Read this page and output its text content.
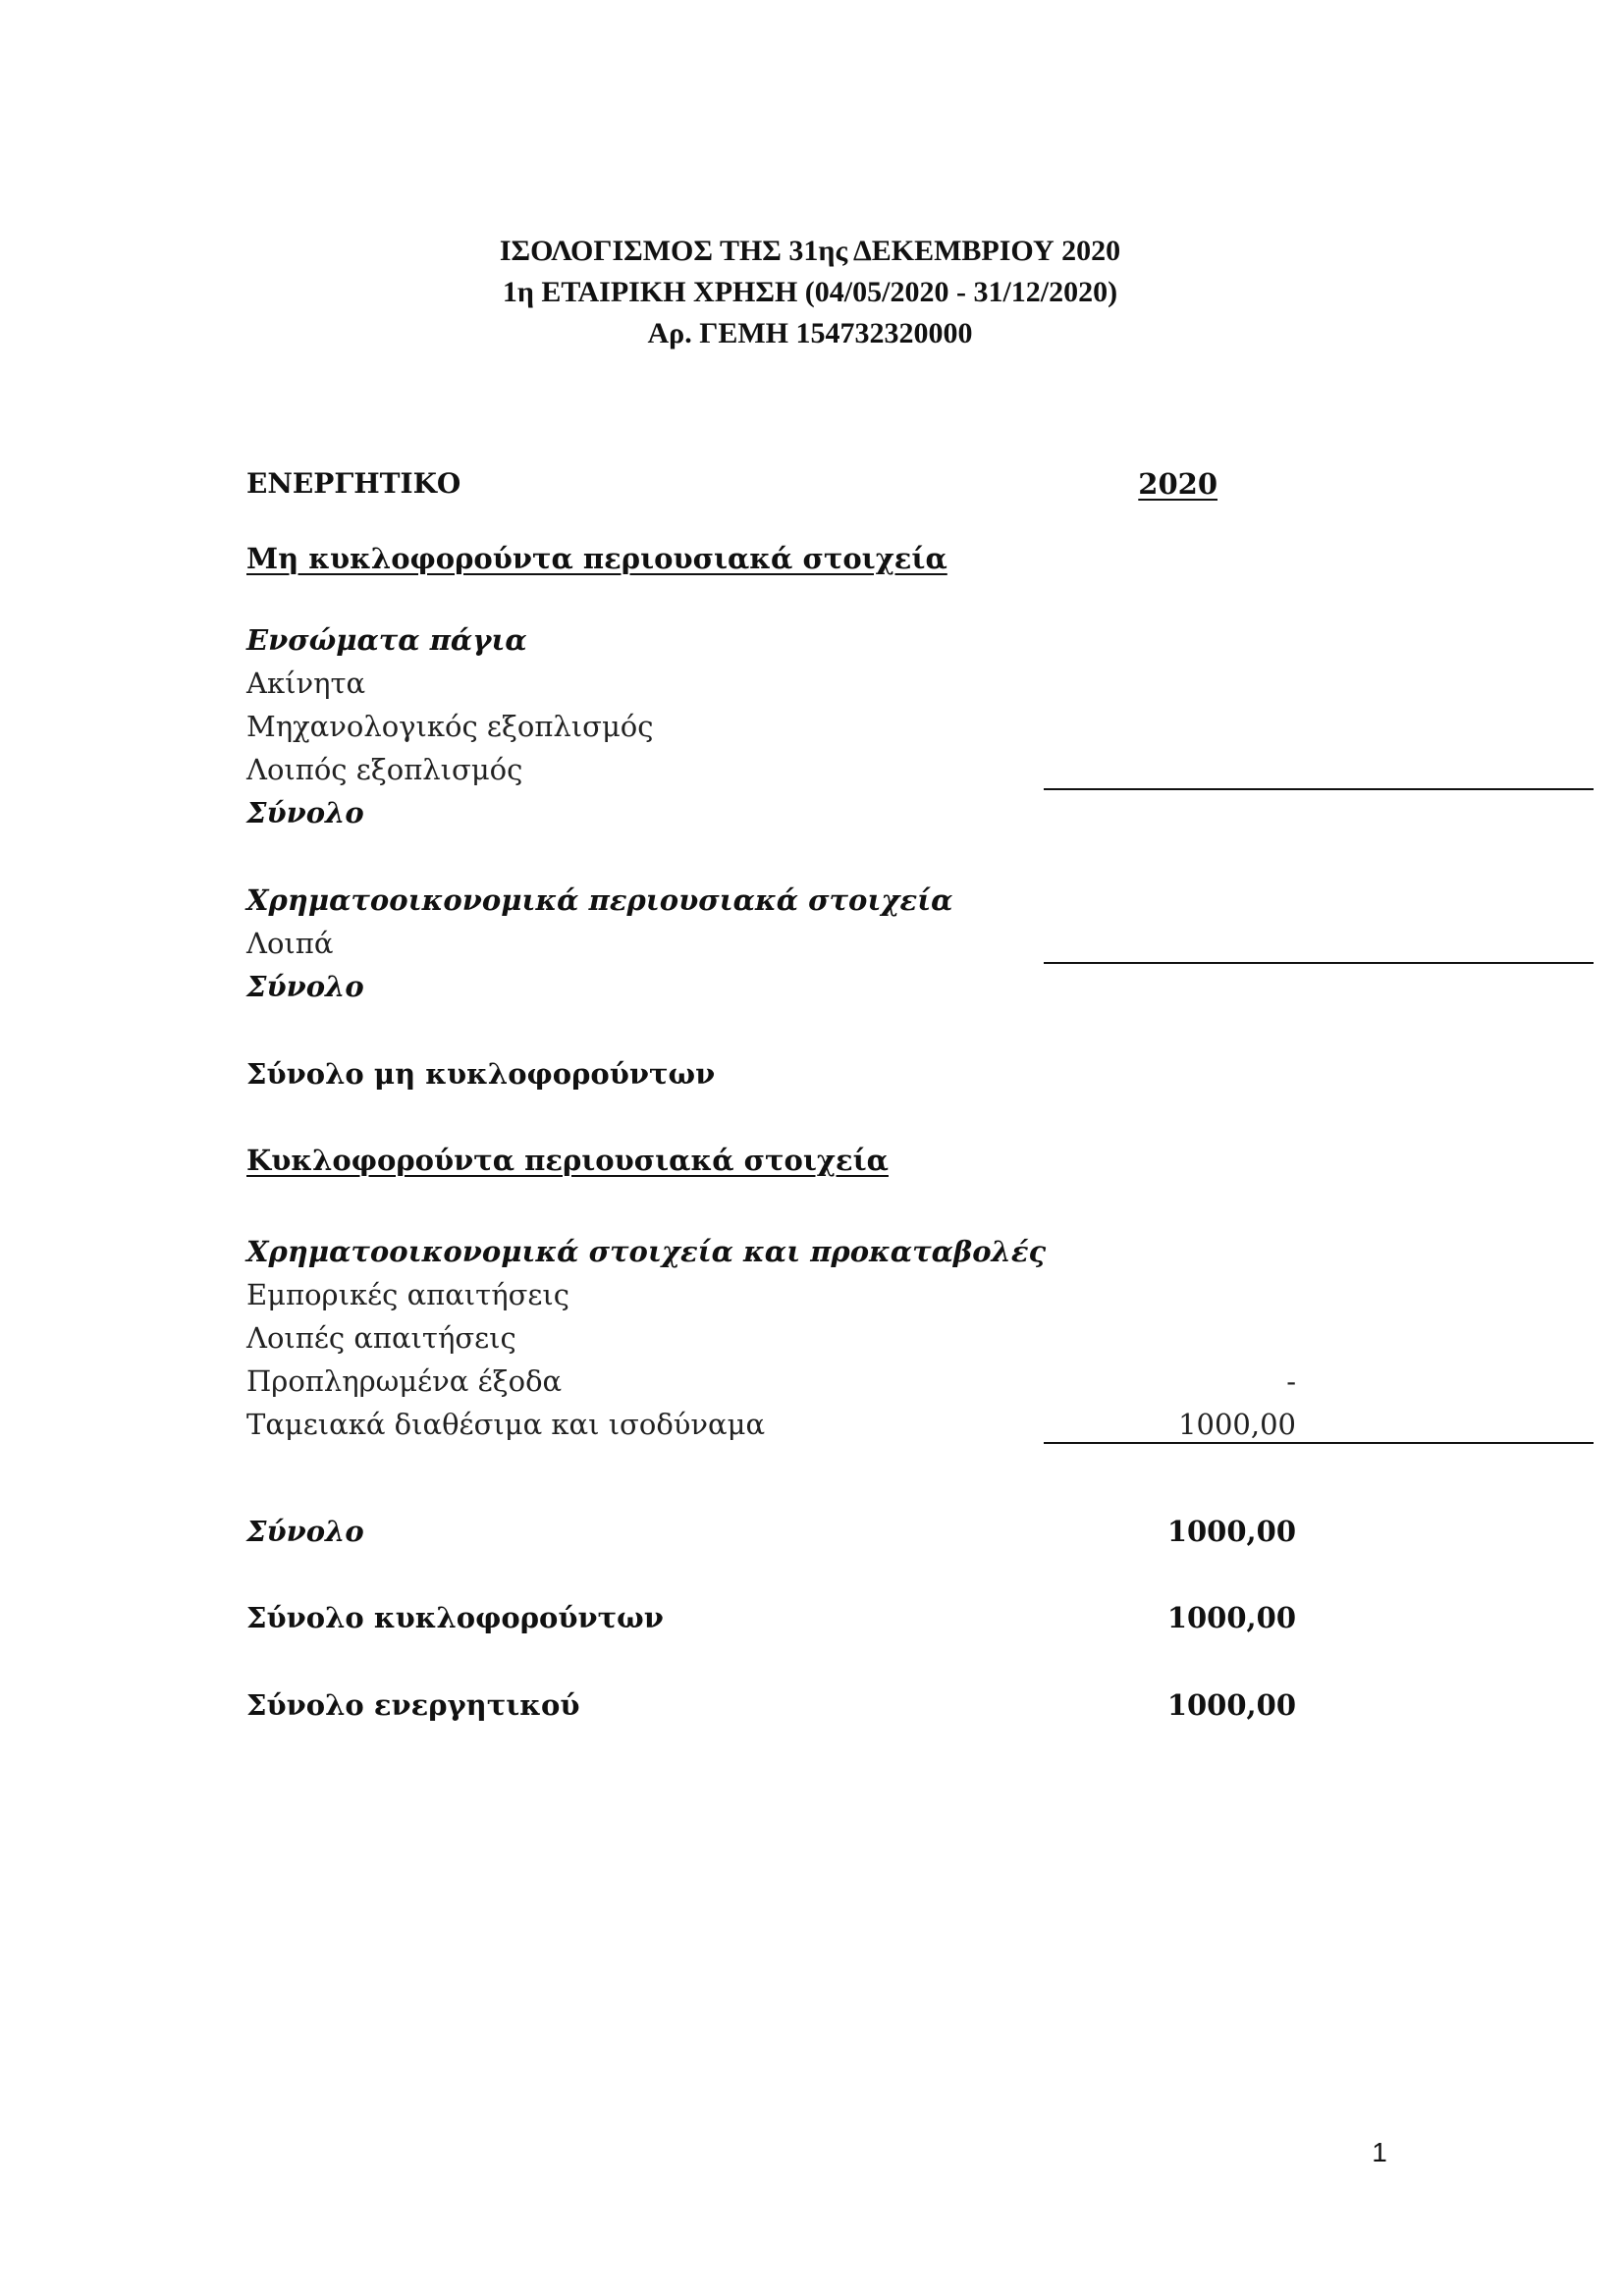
ΙΣΟΛΟΓΙΣΜΟΣ ΤΗΣ 31ης ΔΕΚΕΜΒΡΙΟΥ 2020
1η ΕΤΑΙΡΙΚΗ ΧΡΗΣΗ (04/05/2020 - 31/12/2020)
Αρ. ΓΕΜΗ 154732320000
ΕΝΕΡΓΗΤΙΚΟ	2020
Μη κυκλοφορούντα περιουσιακά στοιχεία
Ενσώματα πάγια
Ακίνητα
Μηχανολογικός εξοπλισμός
Λοιπός εξοπλισμός
Σύνολο
Χρηματοοικονομικά περιουσιακά στοιχεία
Λοιπά
Σύνολο
Σύνολο μη κυκλοφορούντων
Κυκλοφορούντα περιουσιακά στοιχεία
Χρηματοοικονομικά στοιχεία και προκαταβολές
Εμπορικές απαιτήσεις
Λοιπές απαιτήσεις
Προπληρωμένα έξοδα	-
Ταμειακά διαθέσιμα και ισοδύναμα	1000,00
Σύνολο	1000,00
Σύνολο κυκλοφορούντων	1000,00
Σύνολο ενεργητικού	1000,00
1
